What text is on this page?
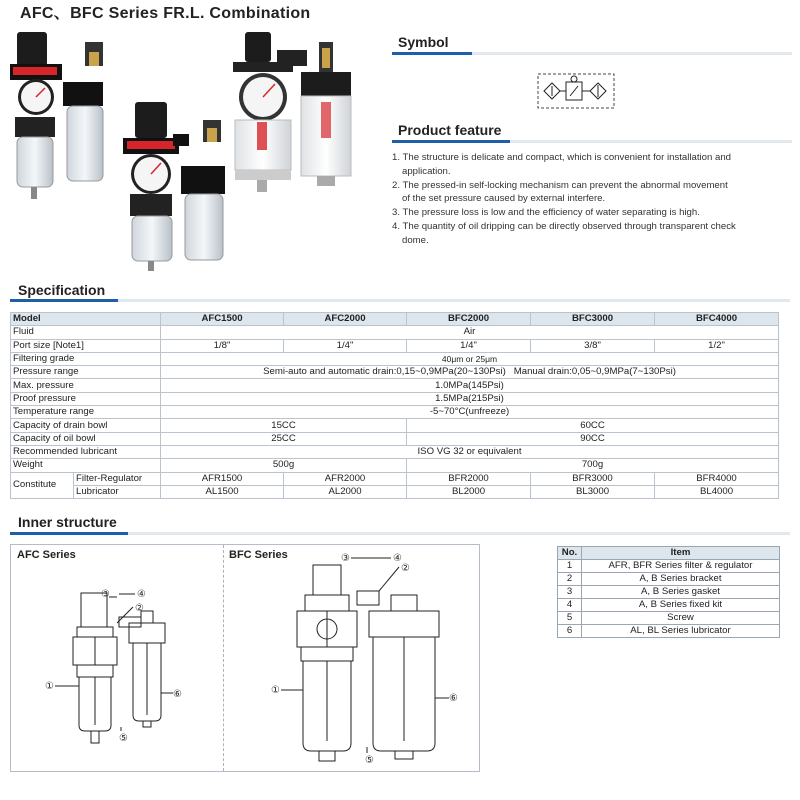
AFC、BFC Series FR.L. Combination
Symbol
Product feature
1. The structure is delicate and compact, which is convenient for installation and
application.
2. The pressed-in self-locking mechanism can prevent the abnormal movement
of the set pressure caused by external interfere.
3. The pressure loss is low and the efficiency of water separating is high.
4. The quantity of oil dripping can be directly observed through transparent check
dome.
Specification
Model		AFC1500	AFC2000	BFC2000	BFC3000	BFC4000
Fluid		Air				
Port size [Note1]		1/8"	1/4"	1/4"	3/8"	1/2"
Filtering grade		40μm or 25μm				
Pressure range		Semi-auto and automatic drain:0,15~0,9MPa(20~130Psi)   Manual drain:0,05~0,9MPa(7~130Psi)				
Max. pressure		1.0MPa(145Psi)				
Proof pressure		1.5MPa(215Psi)				
Temperature range		-5~70°C(unfreeze)				
Capacity of drain bowl		15CC		60CC		
Capacity of oil bowl		25CC		90CC		
Recommended lubricant		ISO VG 32 or equivalent				
Weight		500g		700g		
Constitute	Filter-Regulator	AFR1500	AFR2000	BFR2000	BFR3000	BFR4000
	Lubricator	AL1500	AL2000	BL2000	BL3000	BL4000
Inner structure
AFC Series	BFC Series
①
②
③	④
⑤
⑥	①
②
③	④
⑤
⑥
No.	Item
1	AFR, BFR Series filter & regulator
2	A, B Series bracket
3	A, B Series gasket
4	A, B Series fixed kit
5	Screw
6	AL, BL Series lubricator
